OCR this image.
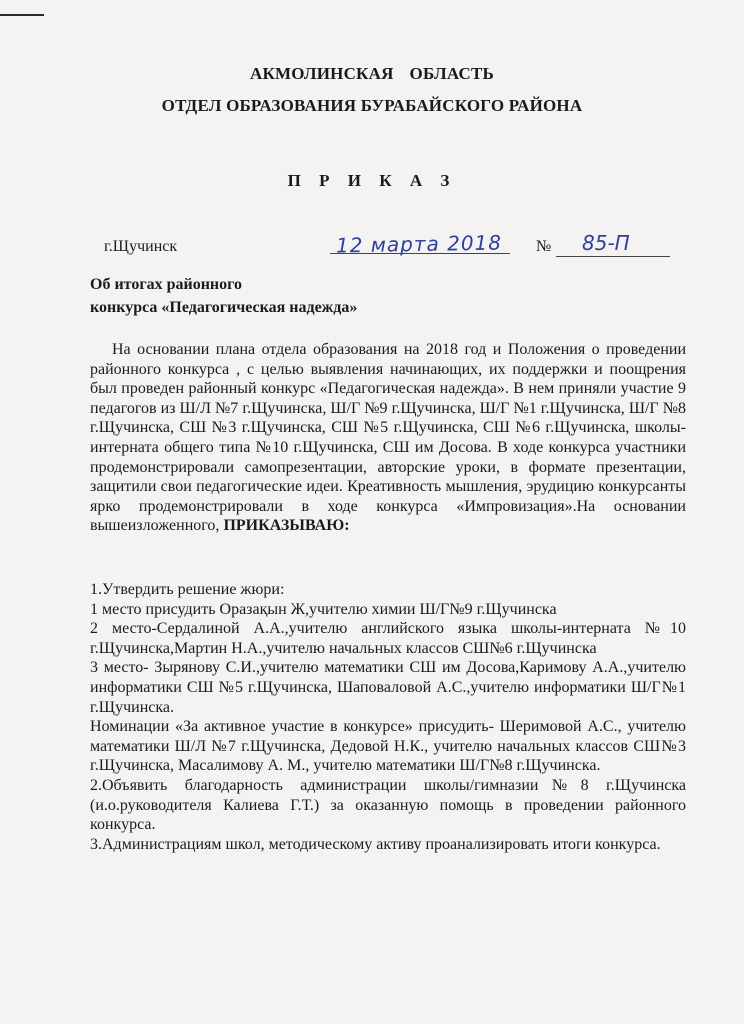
АКМОЛИНСКАЯ ОБЛАСТЬ
ОТДЕЛ ОБРАЗОВАНИЯ БУРАБАЙСКОГО РАЙОНА
П Р И К А З
г.Щучинск	12 марта 2018 № 85-П
Об итогах районного
конкурса «Педагогическая надежда»

На основании плана отдела образования на 2018 год и Положения о проведении районного конкурса , с целью выявления начинающих, их поддержки и поощрения был проведен районный конкурс «Педагогическая надежда». В нем приняли участие 9 педагогов из Ш/Л №7 г.Щучинска, Ш/Г №9 г.Щучинска, Ш/Г №1 г.Щучинска, Ш/Г №8 г.Щучинска, СШ №3 г.Щучинска, СШ №5 г.Щучинска, СШ №6 г.Щучинска, школы-интерната общего типа №10 г.Щучинска, СШ им Досова. В ходе конкурса участники продемонстрировали самопрезентации, авторские уроки, в формате презентации, защитили свои педагогические идеи. Креативность мышления, эрудицию конкурсанты ярко продемонстрировали в ходе конкурса «Импровизация».На основании вышеизложенного, ПРИКАЗЫВАЮ:

1.Утвердить решение жюри:

1 место присудить Оразақын Ж,учителю химии Ш/Г№9 г.Щучинска

2 место-Сердалиной А.А.,учителю английского языка школы-интерната №10 г.Щучинска,Мартин Н.А.,учителю начальных классов СШ№6 г.Щучинска

3 место- Зырянову С.И.,учителю математики СШ им Досова,Каримову А.А.,учителю информатики СШ №5 г.Щучинска, Шаповаловой А.С.,учителю информатики Ш/Г№1 г.Щучинска.

Номинации «За активное участие в конкурсе» присудить- Шеримовой А.С., учителю математики Ш/Л №7 г.Щучинска, Дедовой Н.К., учителю начальных классов СШ№3 г.Щучинска, Масалимову А. М., учителю математики Ш/Г№8 г.Щучинска.

2.Объявить благодарность администрации школы/гимназии№8 г.Щучинска (и.о.руководителя Калиева Г.Т.) за оказанную помощь в проведении районного конкурса.

3.Администрациям школ, методическому активу проанализировать итоги конкурса.
